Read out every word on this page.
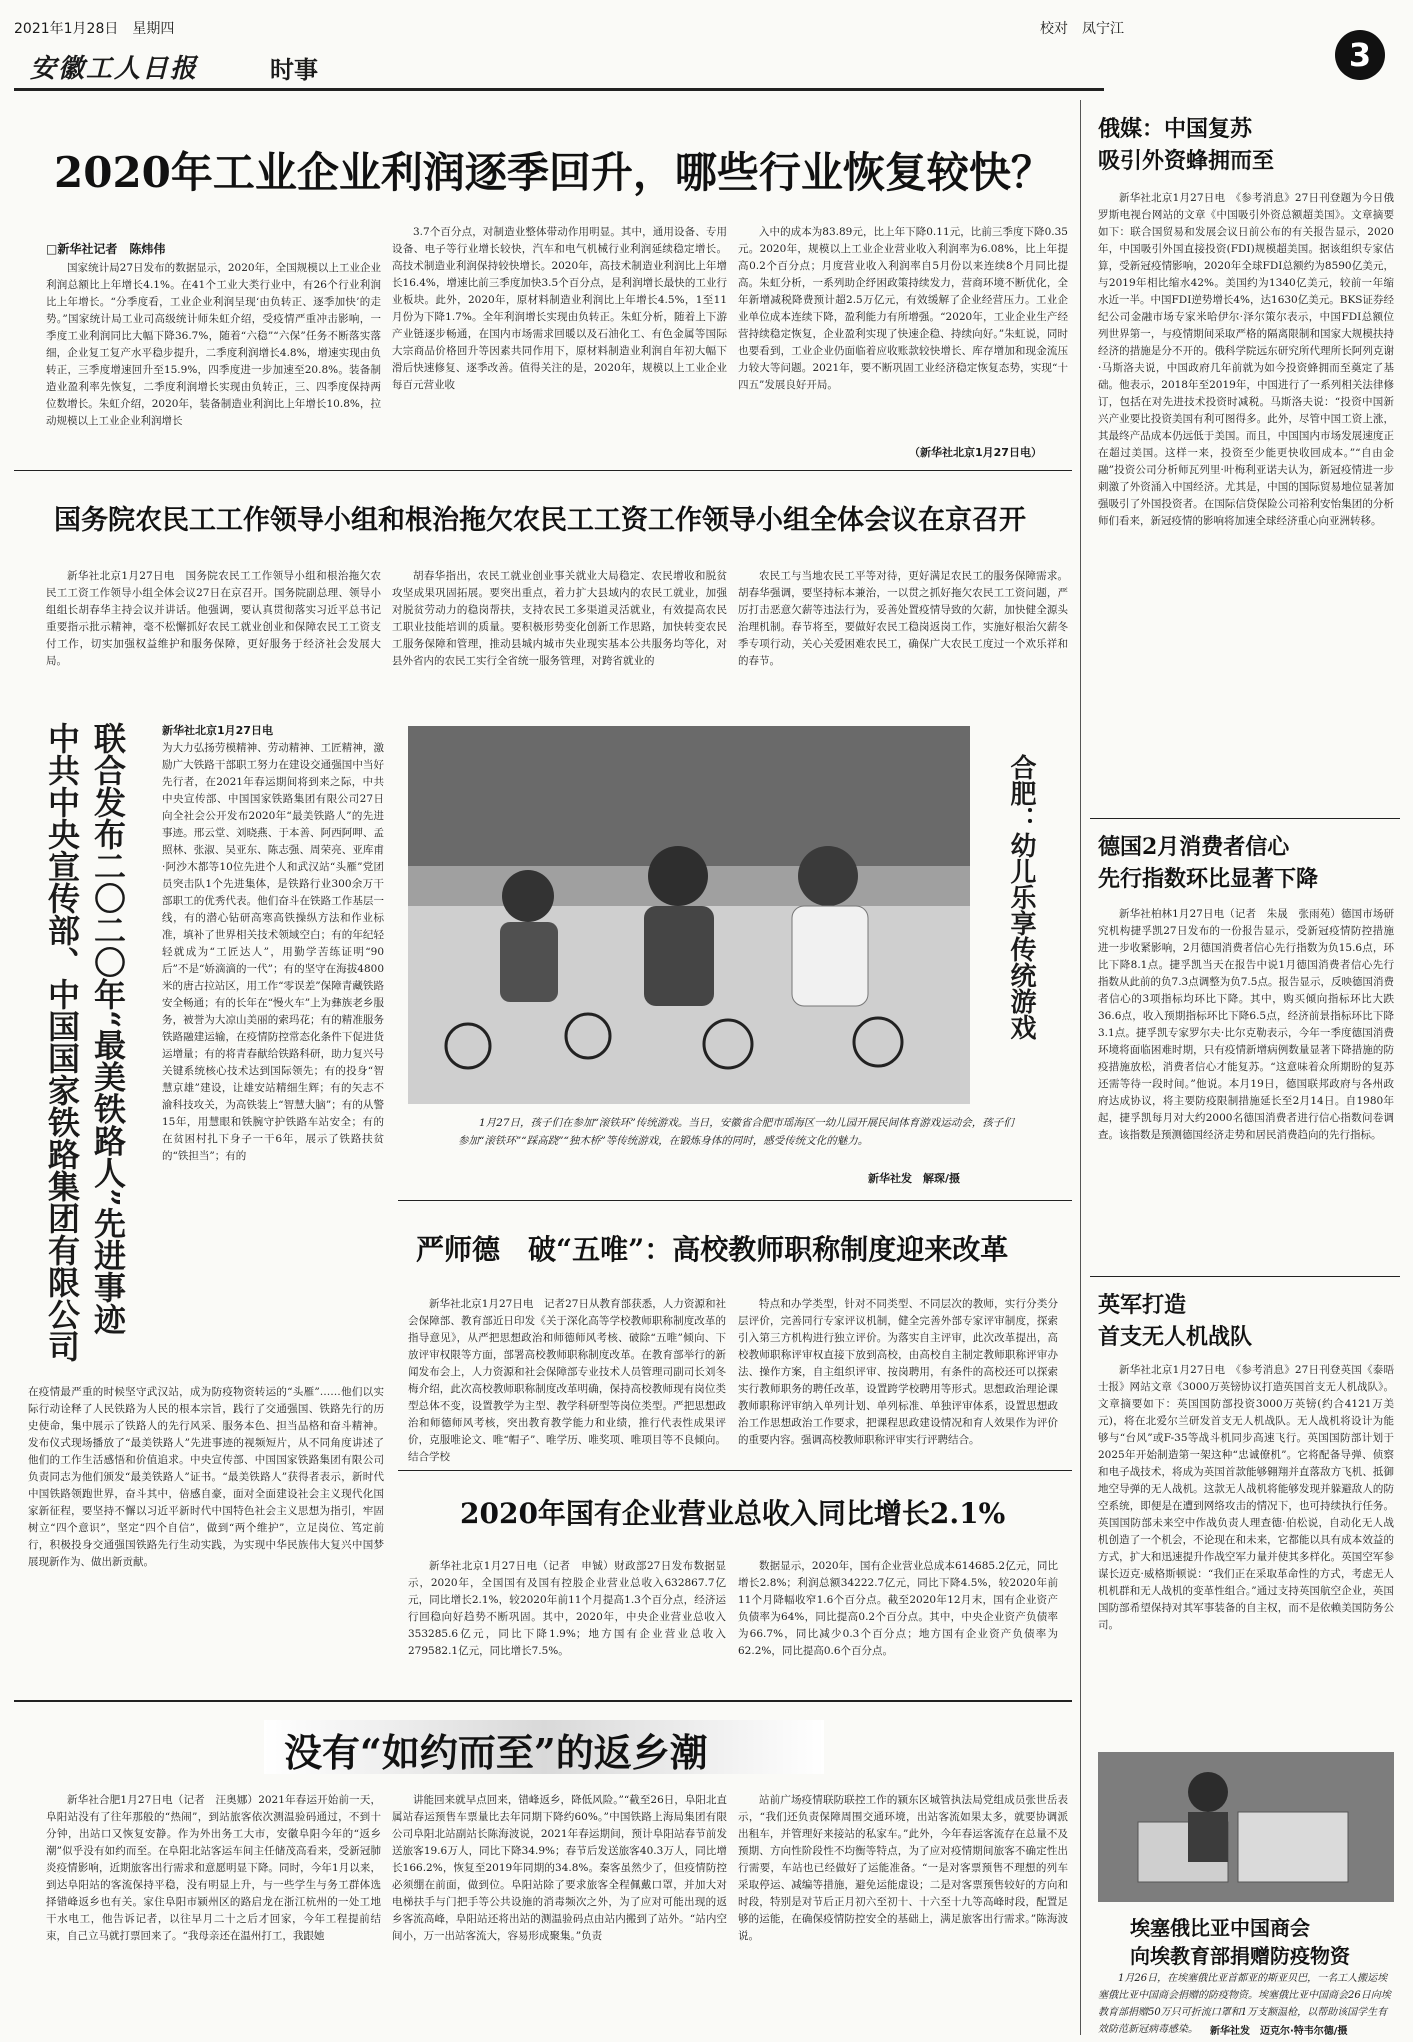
2021年1月28日　星期四
安徽工人日报	时事
校对　凤宁江
3
2020年工业企业利润逐季回升，哪些行业恢复较快？
□新华社记者　陈炜伟
国家统计局27日发布的数据显示，2020年，全国规模以上工业企业利润总额比上年增长4.1%。在41个工业大类行业中，有26个行业利润比上年增长。“分季度看，工业企业利润呈现‘由负转正、逐季加快’的走势。”国家统计局工业司高级统计师朱虹介绍，受疫情严重冲击影响，一季度工业利润同比大幅下降36.7%，随着“六稳”“六保”任务不断落实落细，企业复工复产水平稳步提升，二季度利润增长4.8%，增速实现由负转正，三季度增速回升至15.9%，四季度进一步加速至20.8%。装备制造业盈利率先恢复，二季度利润增长实现由负转正，三、四季度保持两位数增长。朱虹介绍，2020年，装备制造业利润比上年增长10.8%，拉动规模以上工业企业利润增长
3.7个百分点，对制造业整体带动作用明显。其中，通用设备、专用设备、电子等行业增长较快，汽车和电气机械行业利润延续稳定增长。高技术制造业利润保持较快增长。2020年，高技术制造业利润比上年增长16.4%，增速比前三季度加快3.5个百分点，是利润增长最快的工业行业板块。此外，2020年，原材料制造业利润比上年增长4.5%，1至11月份为下降1.7%。全年利润增长实现由负转正。朱虹分析，随着上下游产业链逐步畅通，在国内市场需求回暖以及石油化工、有色金属等国际大宗商品价格回升等因素共同作用下，原材料制造业利润自年初大幅下滑后快速修复、逐季改善。值得关注的是，2020年，规模以上工业企业每百元营业收
入中的成本为83.89元，比上年下降0.11元，比前三季度下降0.35元。2020年，规模以上工业企业营业收入利润率为6.08%，比上年提高0.2个百分点；月度营业收入利润率自5月份以来连续8个月同比提高。朱虹分析，一系列助企纾困政策持续发力，营商环境不断优化，全年新增减税降费预计超2.5万亿元，有效缓解了企业经营压力。工业企业单位成本连续下降，盈利能力有所增强。“2020年，工业企业生产经营持续稳定恢复，企业盈利实现了快速企稳、持续向好。”朱虹说，同时也要看到，工业企业仍面临着应收账款较快增长、库存增加和现金流压力较大等问题。2021年，要不断巩固工业经济稳定恢复态势，实现“十四五”发展良好开局。
（新华社北京1月27日电）
国务院农民工工作领导小组和根治拖欠农民工工资工作领导小组全体会议在京召开
新华社北京1月27日电　国务院农民工工作领导小组和根治拖欠农民工工资工作领导小组全体会议27日在京召开。国务院副总理、领导小组组长胡春华主持会议并讲话。他强调，要认真贯彻落实习近平总书记重要指示批示精神，毫不松懈抓好农民工就业创业和保障农民工工资支付工作，切实加强权益维护和服务保障，更好服务于经济社会发展大局。
胡春华指出，农民工就业创业事关就业大局稳定、农民增收和脱贫攻坚成果巩固拓展。要突出重点，着力扩大县域内的农民工就业，加强对脱贫劳动力的稳岗帮扶，支持农民工多渠道灵活就业，有效提高农民工职业技能培训的质量。要积极形势变化创新工作思路，加快转变农民工服务保障和管理，推动县城内城市失业现实基本公共服务均等化，对县外省内的农民工实行全省统一服务管理，对跨省就业的
农民工与当地农民工平等对待，更好满足农民工的服务保障需求。胡春华强调，要坚持标本兼治，一以贯之抓好拖欠农民工工资问题，严厉打击恶意欠薪等违法行为，妥善处置疫情导致的欠薪，加快健全源头治理机制。春节将至，要做好农民工稳岗返岗工作，实施好根治欠薪冬季专项行动，关心关爱困难农民工，确保广大农民工度过一个欢乐祥和的春节。
中共中央宣传部、中国国家铁路集团有限公司 联合发布二〇二〇年“最美铁路人”先进事迹	新华社北京1月27日电
为大力弘扬劳模精神、劳动精神、工匠精神，激励广大铁路干部职工努力在建设交通强国中当好先行者，在2021年春运期间将到来之际，中共中央宣传部、中国国家铁路集团有限公司27日向全社会公开发布2020年“最美铁路人”的先进事迹。邢云堂、刘晓燕、于本善、阿西阿呷、孟照林、张淑、吴亚东、陈志强、周荣亮、亚库甫·阿沙木都等10位先进个人和武汉站“头雁”党团员突击队1个先进集体，是铁路行业300余万干部职工的优秀代表。他们奋斗在铁路工作基层一线，有的潜心钻研高寒高铁操纵方法和作业标准，填补了世界相关技术领域空白；有的年纪轻轻就成为“工匠达人”，用勤学苦练证明“90后”不是“娇滴滴的一代”；有的坚守在海拔4800米的唐古拉站区，用工作“零误差”保障青藏铁路安全畅通；有的长年在“慢火车”上为彝族老乡服务，被誉为大凉山美丽的索玛花；有的精准服务铁路融建运输，在疫情防控常态化条件下促进货运增量；有的将青春献给铁路科研，助力复兴号关键系统核心技术达到国际领先；有的投身“智慧京雄”建设，让雄安站精细生辉；有的矢志不渝科技攻关，为高铁装上“智慧大脑”；有的从警15年，用慧眼和铁腕守护铁路车站安全；有的在贫困村扎下身子一干6年，展示了铁路扶贫的“铁担当”；有的
在疫情最严重的时候坚守武汉站，成为防疫物资转运的“头雁”……他们以实际行动诠释了人民铁路为人民的根本宗旨，践行了交通强国、铁路先行的历史使命，集中展示了铁路人的先行风采、服务本色、担当品格和奋斗精神。发布仪式现场播放了“最美铁路人”先进事迹的视频短片，从不同角度讲述了他们的工作生活感悟和价值追求。中央宣传部、中国国家铁路集团有限公司负责同志为他们颁发“最美铁路人”证书。“最美铁路人”获得者表示，新时代中国铁路领跑世界，奋斗其中，倍感自豪，面对全面建设社会主义现代化国家新征程，要坚持不懈以习近平新时代中国特色社会主义思想为指引，牢固树立“四个意识”，坚定“四个自信”，做到“两个维护”，立足岗位、笃定前行，积极投身交通强国铁路先行生动实践，为实现中华民族伟大复兴中国梦展现新作为、做出新贡献。
合肥：幼儿乐享传统游戏
1月27日，孩子们在参加“滚铁环”传统游戏。当日，安徽省合肥市瑶海区一幼儿园开展民间体育游戏运动会，孩子们参加“滚铁环”“踩高跷”“独木桥”等传统游戏，在锻炼身体的同时，感受传统文化的魅力。
新华社发　解琛/摄
严师德　破“五唯”：高校教师职称制度迎来改革
新华社北京1月27日电　记者27日从教育部获悉，人力资源和社会保障部、教育部近日印发《关于深化高等学校教师职称制度改革的指导意见》，从严把思想政治和师德师风考核、破除“五唯”倾向、下放评审权限等方面，部署高校教师职称制度改革。在教育部举行的新闻发布会上，人力资源和社会保障部专业技术人员管理司副司长刘冬梅介绍，此次高校教师职称制度改革明确，保持高校教师现有岗位类型总体不变，设置教学为主型、教学科研型等岗位类型。严把思想政治和师德师风考核，突出教育教学能力和业绩，推行代表性成果评价，克服唯论文、唯“帽子”、唯学历、唯奖项、唯项目等不良倾向。结合学校
特点和办学类型，针对不同类型、不同层次的教师，实行分类分层评价，完善同行专家评议机制，健全完善外部专家评审制度，探索引入第三方机构进行独立评价。为落实自主评审，此次改革提出，高校教师职称评审权直接下放到高校，由高校自主制定教师职称评审办法、操作方案，自主组织评审、按岗聘用，有条件的高校还可以探索实行教师职务的聘任改革，设置跨学校聘用等形式。思想政治理论课教师职称评审纳入单列计划、单列标准、单独评审体系，设置思想政治工作思想政治工作要求，把课程思政建设情况和育人效果作为评价的重要内容。强调高校教师职称评审实行评聘结合。
2020年国有企业营业总收入同比增长2.1%
新华社北京1月27日电（记者　申铖）财政部27日发布数据显示，2020年，全国国有及国有控股企业营业总收入632867.7亿元，同比增长2.1%，较2020年前11个月提高1.3个百分点，经济运行回稳向好趋势不断巩固。其中，2020年，中央企业营业总收入353285.6亿元，同比下降1.9%；地方国有企业营业总收入279582.1亿元，同比增长7.5%。
数据显示，2020年，国有企业营业总成本614685.2亿元，同比增长2.8%；利润总额34222.7亿元，同比下降4.5%，较2020年前11个月降幅收窄1.6个百分点。截至2020年12月末，国有企业资产负债率为64%，同比提高0.2个百分点。其中，中央企业资产负债率为66.7%，同比减少0.3个百分点；地方国有企业资产负债率为62.2%，同比提高0.6个百分点。
没有“如约而至”的返乡潮
新华社合肥1月27日电（记者　汪奥娜）2021年春运开始前一天，阜阳站没有了往年那般的“热闹”，到站旅客依次测温验码通过，不到十分钟，出站口又恢复安静。作为外出务工大市，安徽阜阳今年的“返乡潮”似乎没有如约而至。在阜阳北站客运车间主任储茂高看来，受新冠肺炎疫情影响，近期旅客出行需求和意愿明显下降。同时，今年1月以来，到达阜阳站的客流保持平稳，没有明显上升，与一些学生与务工群体选择错峰返乡也有关。家住阜阳市颍州区的路启龙在浙江杭州的一处工地干水电工，他告诉记者，以往早月二十之后才回家，今年工程提前结束，自己立马就打票回来了。“我母亲还在温州打工，我跟她
讲能回来就早点回来，错峰返乡，降低风险。”“截至26日，阜阳北直属站春运预售车票量比去年同期下降约60%。”中国铁路上海局集团有限公司阜阳北站副站长陈海波说，2021年春运期间，预计阜阳站春节前发送旅客19.6万人，同比下降34.9%；春节后发送旅客40.3万人，同比增长166.2%，恢复至2019年同期的34.8%。秦客虽然少了，但疫情防控必须绷在前面，做到位。阜阳站除了要求旅客全程佩戴口罩，并加大对电梯扶手与门把手等公共设施的消毒频次之外，为了应对可能出现的返乡客流高峰，阜阳站还将出站的测温验码点由站内搬到了站外。“站内空间小，万一出站客流大，容易形成聚集。”负责
站前广场疫情联防联控工作的颍东区城管执法局党组成员张世岳表示，“我们还负责保障周围交通环境，出站客流如果太多，就要协调派出租车，并管理好来接站的私家车。”此外，今年春运客流存在总量不及预期、方向性阶段性不均衡等特点，为了应对疫情期间旅客不确定性出行需要，车站也已经做好了运能准备。“一是对客票预售不理想的列车采取停运、减编等措施，避免运能虚设；二是对客票预售较好的方向和时段，特别是对节后正月初六至初十、十六至十九等高峰时段，配置足够的运能，在确保疫情防控安全的基础上，满足旅客出行需求。”陈海波说。
俄媒：中国复苏
吸引外资蜂拥而至
新华社北京1月27日电　《参考消息》27日刊登题为今日俄罗斯电视台网站的文章《中国吸引外资总额超美国》。文章摘要如下：联合国贸易和发展会议日前公布的有关报告显示，2020年，中国吸引外国直接投资(FDI)规模超美国。据该组织专家估算，受新冠疫情影响，2020年全球FDI总额约为8590亿美元，与2019年相比缩水42%。美国约为1340亿美元，较前一年缩水近一半。中国FDI逆势增长4%，达1630亿美元。BKS证券经纪公司金融市场专家米哈伊尔·泽尔策尔表示，中国FDI总额位列世界第一，与疫情期间采取严格的隔离限制和国家大规模扶持经济的措施是分不开的。俄科学院远东研究所代理所长阿列克谢·马斯洛夫说，中国政府几年前就为如今投资蜂拥而至奠定了基础。他表示，2018年至2019年，中国进行了一系列相关法律修订，包括在对先进技术投资时减税。马斯洛夫说：“投资中国新兴产业要比投资美国有利可图得多。此外，尽管中国工资上涨，其最终产品成本仍远低于美国。而且，中国国内市场发展速度正在超过美国。这样一来，投资至少能更快收回成本。”“自由金融”投资公司分析师瓦列里·叶梅利亚诺夫认为，新冠疫情进一步刺激了外资涌入中国经济。尤其是，中国的国际贸易地位显著加强吸引了外国投资者。在国际信贷保险公司裕利安怡集团的分析师们看来，新冠疫情的影响将加速全球经济重心向亚洲转移。
德国2月消费者信心
先行指数环比显著下降
新华社柏林1月27日电（记者　朱晟　张雨苑）德国市场研究机构捷孚凯27日发布的一份报告显示，受新冠疫情防控措施进一步收紧影响，2月德国消费者信心先行指数为负15.6点，环比下降8.1点。捷孚凯当天在报告中说1月德国消费者信心先行指数从此前的负7.3点调整为负7.5点。报告显示，反映德国消费者信心的3项指标均环比下降。其中，购买倾向指标环比大跌36.6点，收入预期指标环比下降6.5点，经济前景指标环比下降3.1点。捷孚凯专家罗尔夫·比尔克勒表示，今年一季度德国消费环境将面临困难时期，只有疫情新增病例数量显著下降措施的防疫措施放松，消费者信心才能复苏。“这意味着众所期盼的复苏还需等待一段时间。”他说。本月19日，德国联邦政府与各州政府达成协议，将主要防疫限制措施延长至2月14日。自1980年起，捷孚凯每月对大约2000名德国消费者进行信心指数问卷调查。该指数是预测德国经济走势和居民消费趋向的先行指标。
英军打造
首支无人机战队
新华社北京1月27日电　《参考消息》27日刊登英国《泰晤士报》网站文章《3000万英镑协议打造英国首支无人机战队》。文章摘要如下：英国国防部投资3000万英镑(约合4121万美元)，将在北爱尔兰研发首支无人机战队。无人战机将设计为能够与“台风”或F-35等战斗机同步高速飞行。英国国防部计划于2025年开始制造第一架这种“忠诚僚机”。它将配备导弹、侦察和电子战技术，将成为英国首款能够翱翔并直落敌方飞机、抵御地空导弹的无人战机。这款无人战机将能够发现并躲避敌人的防空系统，即便是在遭到网络攻击的情况下，也可持续执行任务。英国国防部未来空中作战负责人理查德·伯松说，自动化无人战机创造了一个机会，不论现在和未来，它都能以具有成本效益的方式，扩大和迅速提升作战空军力量并使其多样化。英国空军参谋长迈克·威格斯顿说：“我们正在采取革命性的方式，考虑无人机机群和无人战机的变革性组合。”通过支持英国航空企业，英国国防部希望保持对其军事装备的自主权，而不是依赖美国防务公司。
埃塞俄比亚中国商会
向埃教育部捐赠防疫物资
1月26日，在埃塞俄比亚首都亚的斯亚贝巴，一名工人搬运埃塞俄比亚中国商会捐赠的防疫物资。埃塞俄比亚中国商会26日向埃教育部捐赠50万只可折流口罩和1万支额温枪，以帮助该国学生有效防范新冠病毒感染。	新华社发　迈克尔·特韦尔德/摄
